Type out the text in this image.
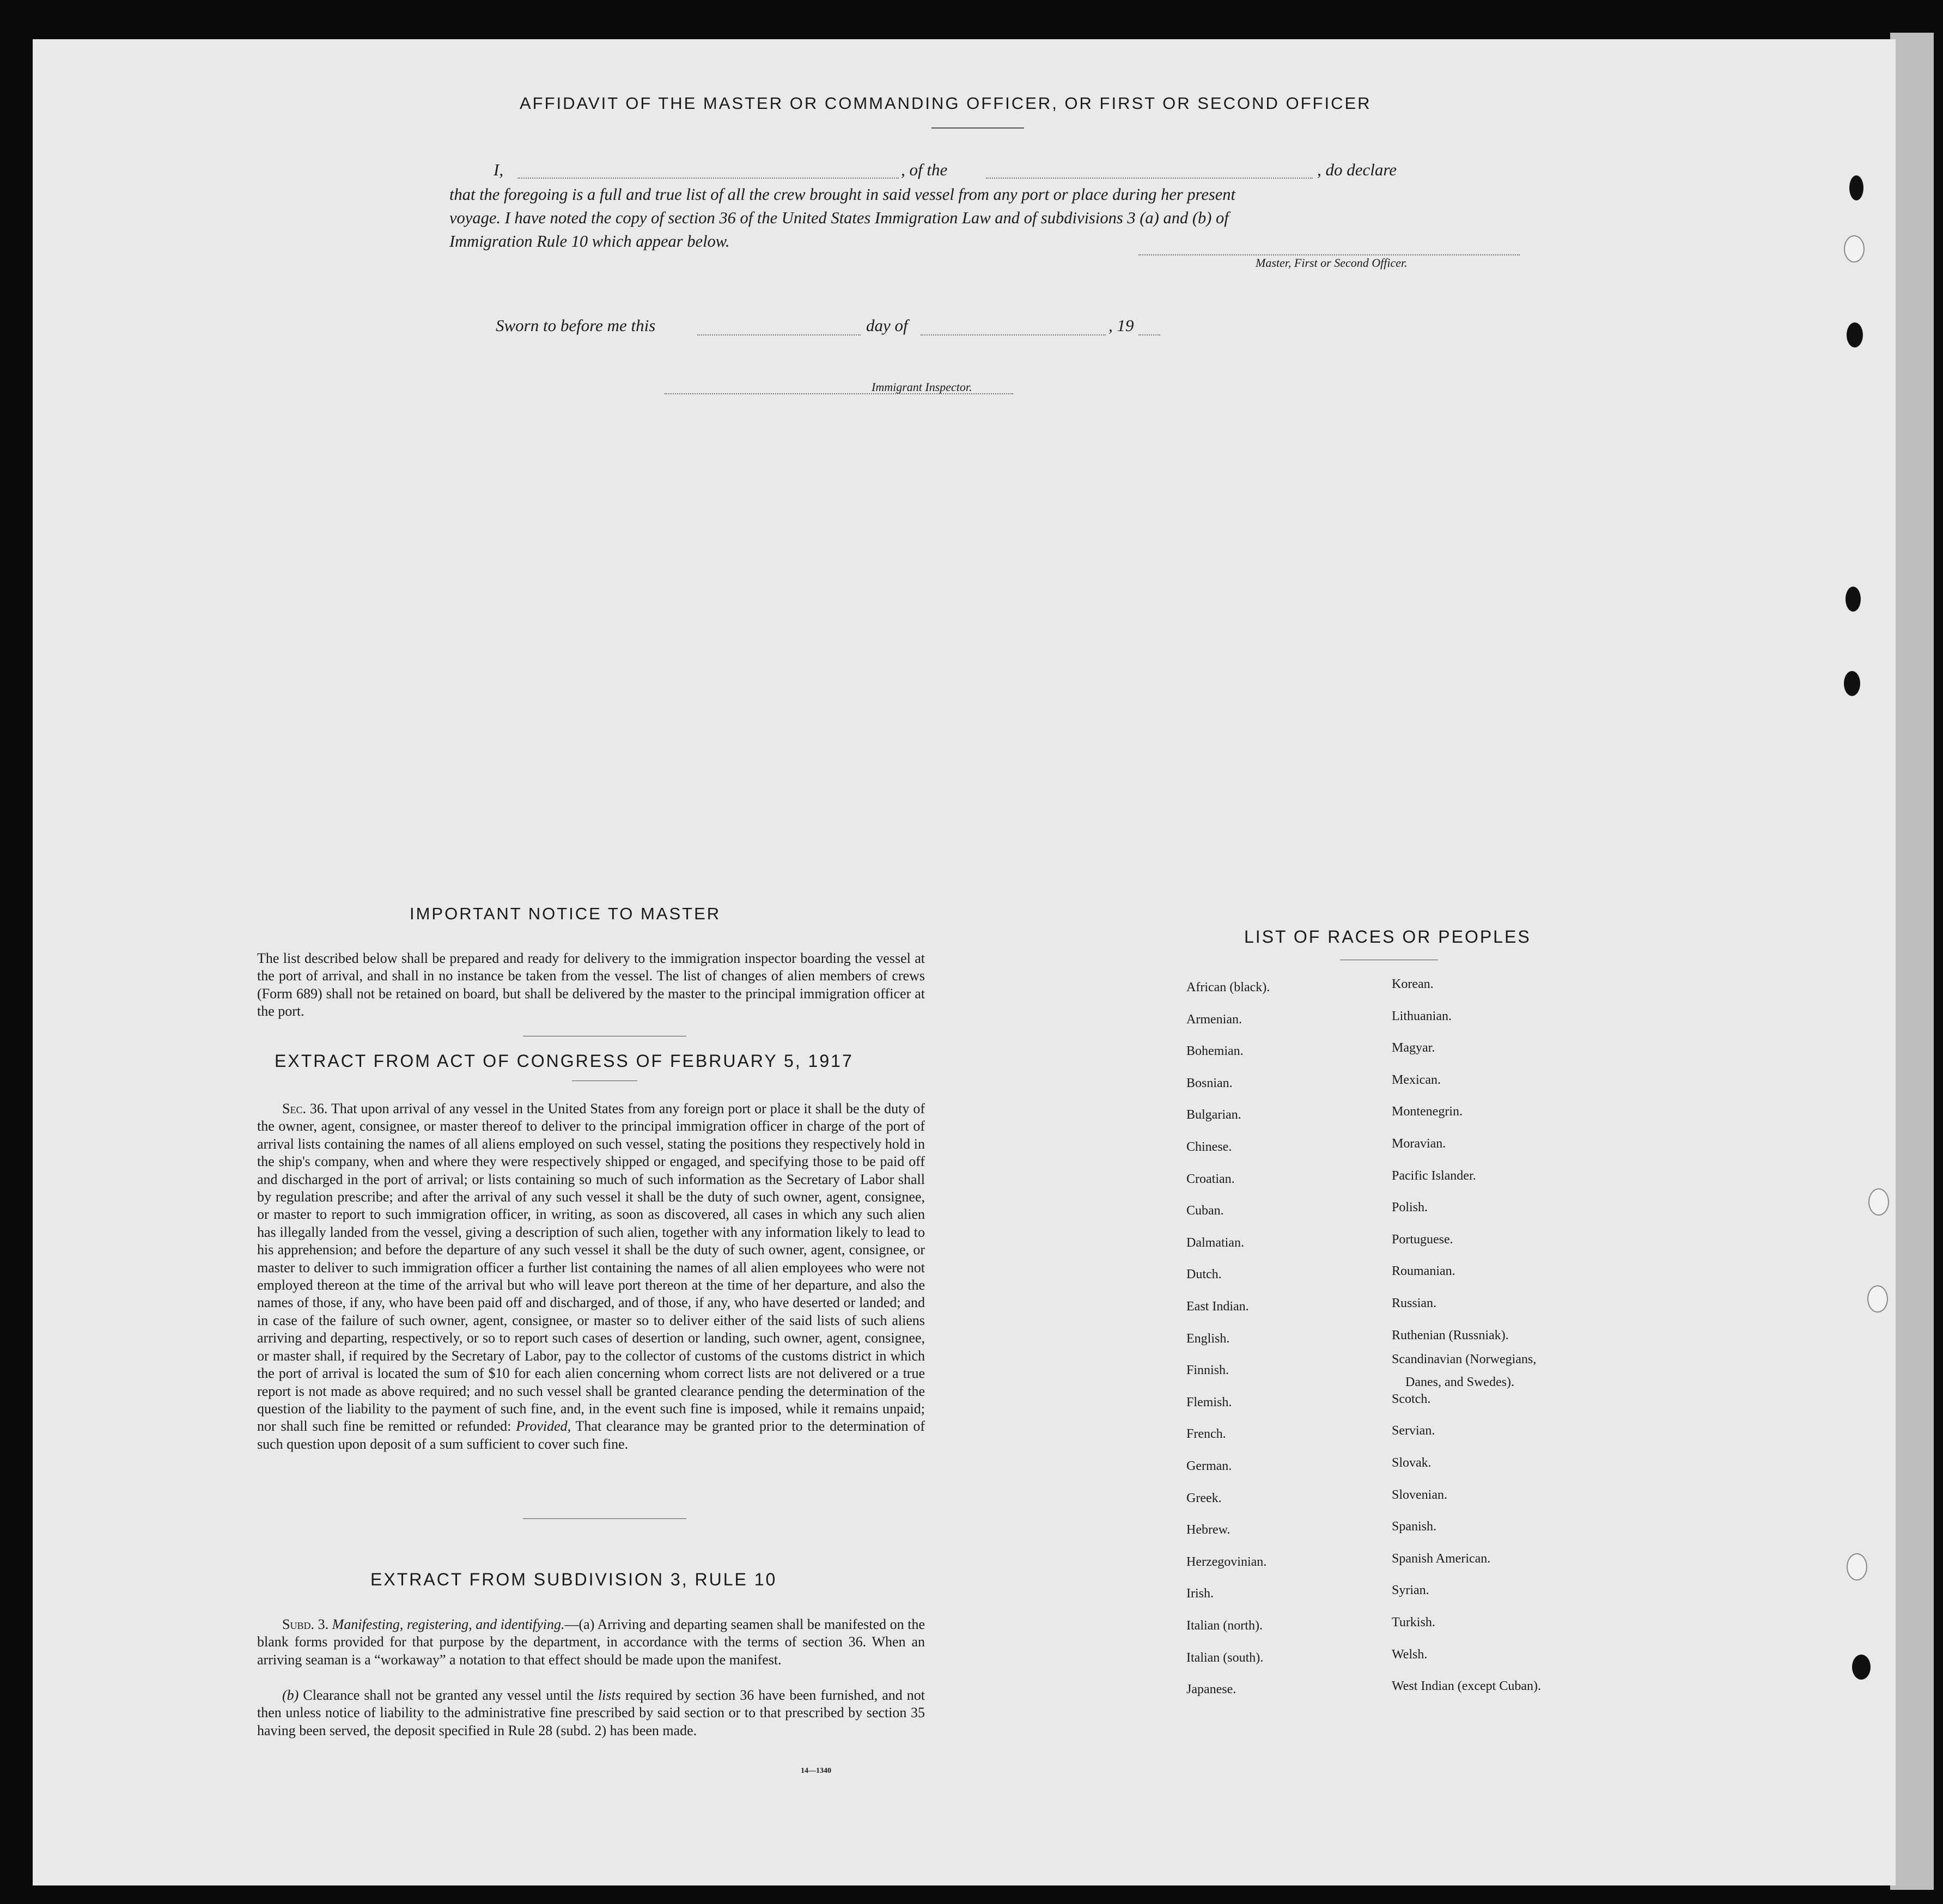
AFFIDAVIT OF THE MASTER OR COMMANDING OFFICER, OR FIRST OR SECOND OFFICER
I,	, of the	, do declare
that the foregoing is a full and true list of all the crew brought in said vessel from any port or place during her present
voyage. I have noted the copy of section 36 of the United States Immigration Law and of subdivisions 3 (a) and (b) of
Immigration Rule 10 which appear below.
Master, First or Second Officer.
Sworn to before me this	day of	, 19
Immigrant Inspector.
IMPORTANT NOTICE TO MASTER
The list described below shall be prepared and ready for delivery to the immigration inspector boarding the vessel at the port of arrival, and shall in no instance be taken from the vessel. The list of changes of alien members of crews (Form 689) shall not be retained on board, but shall be delivered by the master to the principal immigration officer at the port.
EXTRACT FROM ACT OF CONGRESS OF FEBRUARY 5, 1917
Sec. 36. That upon arrival of any vessel in the United States from any foreign port or place it shall be the duty of the owner, agent, consignee, or master thereof to deliver to the principal immigration officer in charge of the port of arrival lists containing the names of all aliens employed on such vessel, stating the positions they respectively hold in the ship's company, when and where they were respectively shipped or engaged, and specifying those to be paid off and discharged in the port of arrival; or lists containing so much of such information as the Secretary of Labor shall by regulation prescribe; and after the arrival of any such vessel it shall be the duty of such owner, agent, consignee, or master to report to such immigration officer, in writing, as soon as discovered, all cases in which any such alien has illegally landed from the vessel, giving a description of such alien, together with any information likely to lead to his apprehension; and before the departure of any such vessel it shall be the duty of such owner, agent, consignee, or master to deliver to such immigration officer a further list containing the names of all alien employees who were not employed thereon at the time of the arrival but who will leave port thereon at the time of her departure, and also the names of those, if any, who have been paid off and discharged, and of those, if any, who have deserted or landed; and in case of the failure of such owner, agent, consignee, or master so to deliver either of the said lists of such aliens arriving and departing, respectively, or so to report such cases of desertion or landing, such owner, agent, consignee, or master shall, if required by the Secretary of Labor, pay to the collector of customs of the customs district in which the port of arrival is located the sum of $10 for each alien concerning whom correct lists are not delivered or a true report is not made as above required; and no such vessel shall be granted clearance pending the determination of the question of the liability to the payment of such fine, and, in the event such fine is imposed, while it remains unpaid; nor shall such fine be remitted or refunded: Provided, That clearance may be granted prior to the determination of such question upon deposit of a sum sufficient to cover such fine.
EXTRACT FROM SUBDIVISION 3, RULE 10
Subd. 3. Manifesting, registering, and identifying.—(a) Arriving and departing seamen shall be manifested on the blank forms provided for that purpose by the department, in accordance with the terms of section 36. When an arriving seaman is a “workaway” a notation to that effect should be made upon the manifest.
(b) Clearance shall not be granted any vessel until the lists required by section 36 have been furnished, and not then unless notice of liability to the administrative fine prescribed by said section or to that prescribed by section 35 having been served, the deposit specified in Rule 28 (subd. 2) has been made.
14—1340
LIST OF RACES OR PEOPLES
African (black).
Armenian.
Bohemian.
Bosnian.
Bulgarian.
Chinese.
Croatian.
Cuban.
Dalmatian.
Dutch.
East Indian.
English.
Finnish.
Flemish.
French.
German.
Greek.
Hebrew.
Herzegovinian.
Irish.
Italian (north).
Italian (south).
Japanese.
Korean.
Lithuanian.
Magyar.
Mexican.
Montenegrin.
Moravian.
Pacific Islander.
Polish.
Portuguese.
Roumanian.
Russian.
Ruthenian (Russniak).
Scandinavian (Norwegians,
Danes, and Swedes).
Scotch.
Servian.
Slovak.
Slovenian.
Spanish.
Spanish American.
Syrian.
Turkish.
Welsh.
West Indian (except Cuban).
